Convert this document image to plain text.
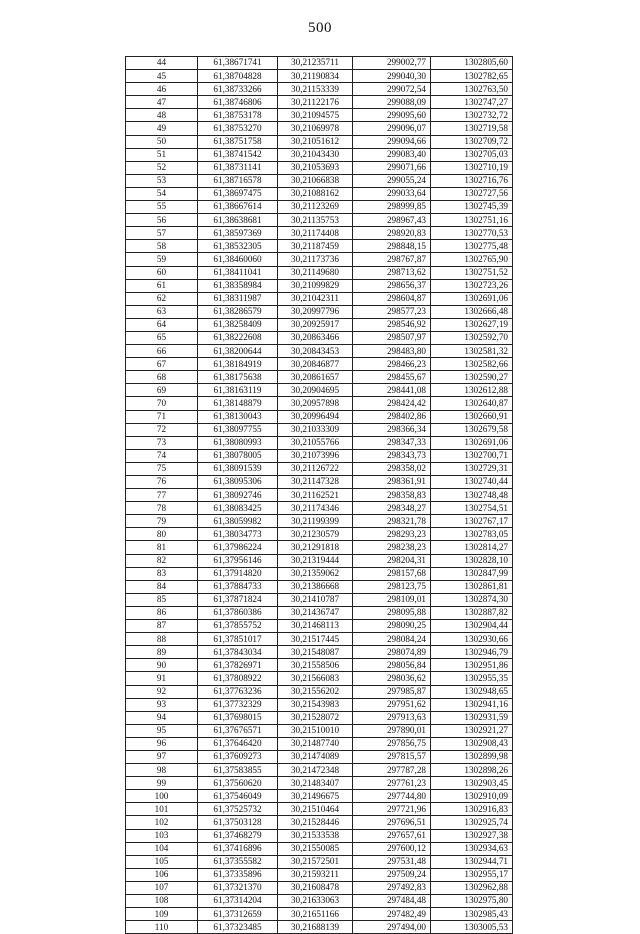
500
44	61,38671741	30,21235711	299002,77	1302805,60
45	61,38704828	30,21190834	299040,30	1302782,65
46	61,38733266	30,21153339	299072,54	1302763,50
47	61,38746806	30,21122176	299088,09	1302747,27
48	61,38753178	30,21094575	299095,60	1302732,72
49	61,38753270	30,21069978	299096,07	1302719,58
50	61,38751758	30,21051612	299094,66	1302709,72
51	61,38741542	30,21043430	299083,40	1302705,03
52	61,38731141	30,21053693	299071,66	1302710,19
53	61,38716578	30,21066838	299055,24	1302716,76
54	61,38697475	30,21088162	299033,64	1302727,56
55	61,38667614	30,21123269	298999,85	1302745,39
56	61,38638681	30,21135753	298967,43	1302751,16
57	61,38597369	30,21174408	298920,83	1302770,53
58	61,38532305	30,21187459	298848,15	1302775,48
59	61,38460060	30,21173736	298767,87	1302765,90
60	61,38411041	30,21149680	298713,62	1302751,52
61	61,38358984	30,21099829	298656,37	1302723,26
62	61,38311987	30,21042311	298604,87	1302691,06
63	61,38286579	30,20997796	298577,23	1302666,48
64	61,38258409	30,20925917	298546,92	1302627,19
65	61,38222608	30,20863466	298507,97	1302592,70
66	61,38200644	30,20843453	298483,80	1302581,32
67	61,38184919	30,20846877	298466,23	1302582,66
68	61,38175638	30,20861657	298455,67	1302590,27
69	61,38163119	30,20904695	298441,08	1302612,88
70	61,38148879	30,20957898	298424,42	1302640,87
71	61,38130043	30,20996494	298402,86	1302660,91
72	61,38097755	30,21033309	298366,34	1302679,58
73	61,38080993	30,21055766	298347,33	1302691,06
74	61,38078005	30,21073996	298343,73	1302700,71
75	61,38091539	30,21126722	298358,02	1302729,31
76	61,38095306	30,21147328	298361,91	1302740,44
77	61,38092746	30,21162521	298358,83	1302748,48
78	61,38083425	30,21174346	298348,27	1302754,51
79	61,38059982	30,21199399	298321,78	1302767,17
80	61,38034773	30,21230579	298293,23	1302783,05
81	61,37986224	30,21291818	298238,23	1302814,27
82	61,37956146	30,21319444	298204,31	1302828,10
83	61,37914820	30,21359062	298157,68	1302847,99
84	61,37884733	30,21386668	298123,75	1302861,81
85	61,37871824	30,21410787	298109,01	1302874,30
86	61,37860386	30,21436747	298095,88	1302887,82
87	61,37855752	30,21468113	298090,25	1302904,44
88	61,37851017	30,21517445	298084,24	1302930,66
89	61,37843034	30,21548087	298074,89	1302946,79
90	61,37826971	30,21558506	298056,84	1302951,86
91	61,37808922	30,21566083	298036,62	1302955,35
92	61,37763236	30,21556202	297985,87	1302948,65
93	61,37732329	30,21543983	297951,62	1302941,16
94	61,37698015	30,21528072	297913,63	1302931,59
95	61,37676571	30,21510010	297890,01	1302921,27
96	61,37646420	30,21487740	297856,75	1302908,43
97	61,37609273	30,21474089	297815,57	1302899,98
98	61,37583855	30,21472348	297787,28	1302898,26
99	61,37560620	30,21483407	297761,23	1302903,45
100	61,37546049	30,21496675	297744,80	1302910,09
101	61,37525732	30,21510464	297721,96	1302916,83
102	61,37503128	30,21528446	297696,51	1302925,74
103	61,37468279	30,21533538	297657,61	1302927,38
104	61,37416896	30,21550085	297600,12	1302934,63
105	61,37355582	30,21572501	297531,48	1302944,71
106	61,37335896	30,21593211	297509,24	1302955,17
107	61,37321370	30,21608478	297492,83	1302962,88
108	61,37314204	30,21633063	297484,48	1302975,80
109	61,37312659	30,21651166	297482,49	1302985,43
110	61,37323485	30,21688139	297494,00	1303005,53
